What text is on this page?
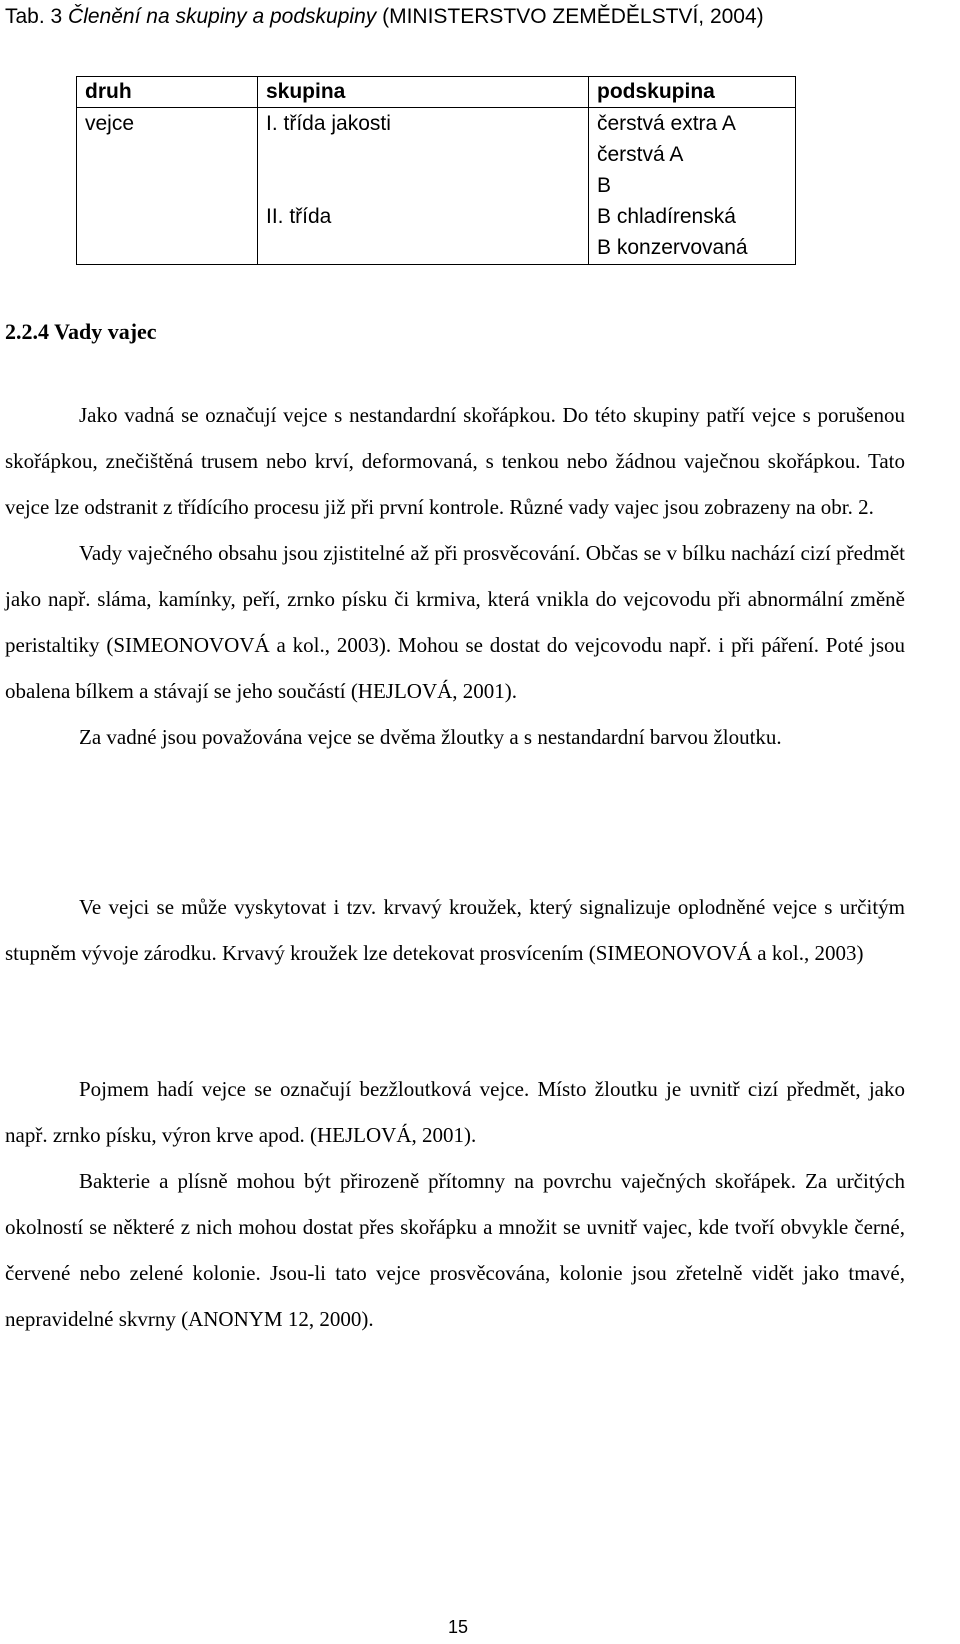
Tab. 3 Členění na skupiny a podskupiny (MINISTERSTVO ZEMĚDĚLSTVÍ, 2004)
druh	skupina	podskupina
vejce	I. třída jakosti	čerstvá extra A
		čerstvá A
		B
	II. třída	B chladírenská
		B konzervovaná
2.2.4 Vady vajec

Jako vadná se označují vejce s nestandardní skořápkou. Do této skupiny patří vejce s porušenou skořápkou, znečištěná trusem nebo krví, deformovaná, s tenkou nebo žádnou vaječnou skořápkou. Tato vejce lze odstranit z třídícího procesu již při první kontrole. Různé vady vajec jsou zobrazeny na obr. 2.

Vady vaječného obsahu jsou zjistitelné až při prosvěcování. Občas se v bílku nachází cizí předmět jako např. sláma, kamínky, peří, zrnko písku či krmiva, která vnikla do vejcovodu při abnormální změně peristaltiky (SIMEONOVOVÁ a kol., 2003). Mohou se dostat do vejcovodu např. i při páření. Poté jsou obalena bílkem a stávají se jeho součástí (HEJLOVÁ, 2001).

Za vadné jsou považována vejce se dvěma žloutky a s nestandardní barvou žloutku.

Ve vejci se může vyskytovat i tzv. krvavý kroužek, který signalizuje oplodněné vejce s určitým stupněm vývoje zárodku. Krvavý kroužek lze detekovat prosvícením (SIMEONOVOVÁ a kol., 2003)

Pojmem hadí vejce se označují bezžloutková vejce. Místo žloutku je uvnitř cizí předmět, jako např. zrnko písku, výron krve apod. (HEJLOVÁ, 2001).

Bakterie a plísně mohou být přirozeně přítomny na povrchu vaječných skořápek. Za určitých okolností se některé z nich mohou dostat přes skořápku a množit se uvnitř vajec, kde tvoří obvykle černé, červené nebo zelené kolonie. Jsou-li tato vejce prosvěcována, kolonie jsou zřetelně vidět jako tmavé, nepravidelné skvrny (ANONYM 12, 2000).

15
